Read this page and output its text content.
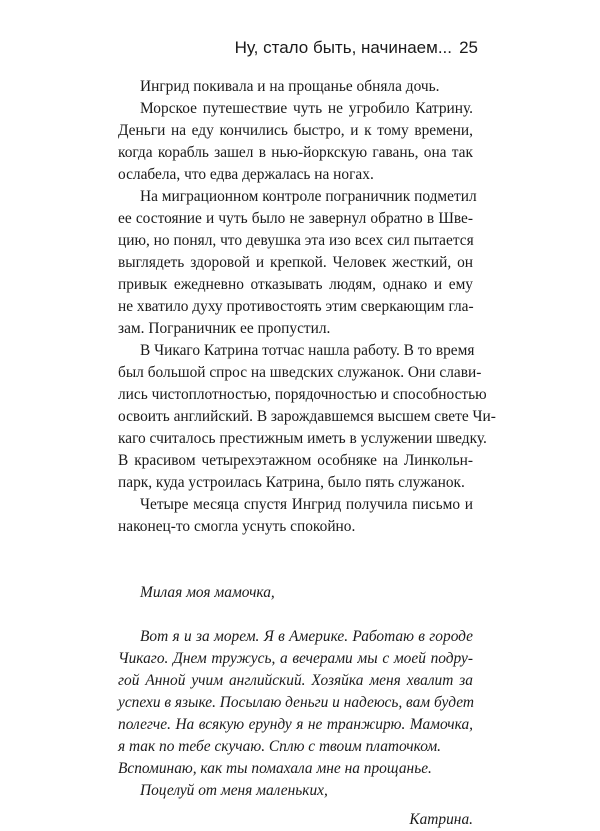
Ну, стало быть, начинаем... 25
Ингрид покивала и на прощанье обняла дочь.
Морское путешествие чуть не угробило Катрину.
Деньги на еду кончились быстро, и к тому времени,
когда корабль зашел в нью-йоркскую гавань, она так
ослабела, что едва держалась на ногах.
На миграционном контроле пограничник подметил
ее состояние и чуть было не завернул обратно в Шве-
цию, но понял, что девушка эта изо всех сил пытается
выглядеть здоровой и крепкой. Человек жесткий, он
привык ежедневно отказывать людям, однако и ему
не хватило духу противостоять этим сверкающим гла-
зам. Пограничник ее пропустил.
В Чикаго Катрина тотчас нашла работу. В то время
был большой спрос на шведских служанок. Они слави-
лись чистоплотностью, порядочностью и способностью
освоить английский. В зарождавшемся высшем свете Чи-
каго считалось престижным иметь в услужении шведку.
В красивом четырехэтажном особняке на Линкольн-
парк, куда устроилась Катрина, было пять служанок.
Четыре месяца спустя Ингрид получила письмо и
наконец-то смогла уснуть спокойно.
Милая моя мамочка,
Вот я и за морем. Я в Америке. Работаю в городе
Чикаго. Днем тружусь, а вечерами мы с моей подру-
гой Анной учим английский. Хозяйка меня хвалит за
успехи в языке. Посылаю деньги и надеюсь, вам будет
полегче. На всякую ерунду я не транжирю. Мамочка,
я так по тебе скучаю. Сплю с твоим платочком.
Вспоминаю, как ты помахала мне на прощанье.
Поцелуй от меня маленьких,
Катрина.
